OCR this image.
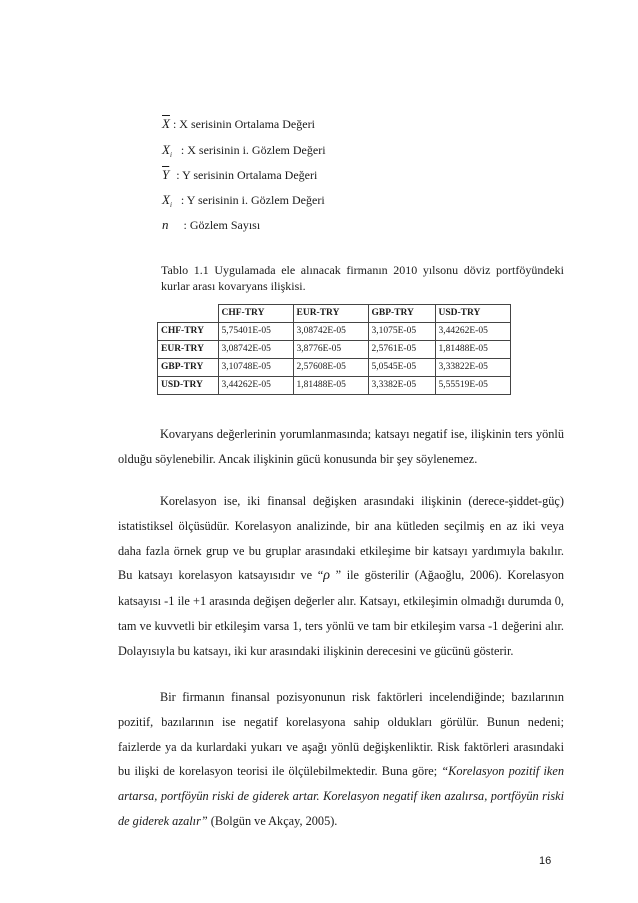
$\overline{X}$ : X serisinin Ortalama Değeri
$X_i$ : X serisinin i. Gözlem Değeri
$\overline{Y}$ : Y serisinin Ortalama Değeri
$X_i$ : Y serisinin i. Gözlem Değeri
n : Gözlem Sayısı
Tablo 1.1 Uygulamada ele alınacak firmanın 2010 yılsonu döviz portföyündeki kurlar arası kovaryans ilişkisi.
	CHF-TRY	EUR-TRY	GBP-TRY	USD-TRY
CHF-TRY	5,75401E-05	3,08742E-05	3,1075E-05	3,44262E-05
EUR-TRY	3,08742E-05	3,8776E-05	2,5761E-05	1,81488E-05
GBP-TRY	3,10748E-05	2,57608E-05	5,0545E-05	3,33822E-05
USD-TRY	3,44262E-05	1,81488E-05	3,3382E-05	5,55519E-05

Kovaryans değerlerinin yorumlanmasında; katsayı negatif ise, ilişkinin ters yönlü olduğu söylenebilir. Ancak ilişkinin gücü konusunda bir şey söylenemez.

Korelasyon ise, iki finansal değişken arasındaki ilişkinin (derece-şiddet-güç) istatistiksel ölçüsüdür. Korelasyon analizinde, bir ana kütleden seçilmiş en az iki veya daha fazla örnek grup ve bu gruplar arasındaki etkileşime bir katsayı yardımıyla bakılır. Bu katsayı korelasyon katsayısıdır ve “ρ ” ile gösterilir (Ağaoğlu, 2006). Korelasyon katsayısı -1 ile +1 arasında değişen değerler alır. Katsayı, etkileşimin olmadığı durumda 0, tam ve kuvvetli bir etkileşim varsa 1, ters yönlü ve tam bir etkileşim varsa -1 değerini alır. Dolayısıyla bu katsayı, iki kur arasındaki ilişkinin derecesini ve gücünü gösterir.

Bir firmanın finansal pozisyonunun risk faktörleri incelendiğinde; bazılarının pozitif, bazılarının ise negatif korelasyona sahip oldukları görülür. Bunun nedeni; faizlerde ya da kurlardaki yukarı ve aşağı yönlü değişkenliktir. Risk faktörleri arasındaki bu ilişki de korelasyon teorisi ile ölçülebilmektedir. Buna göre; “Korelasyon pozitif iken artarsa, portföyün riski de giderek artar. Korelasyon negatif iken azalırsa, portföyün riski de giderek azalır” (Bolgün ve Akçay, 2005).

16
